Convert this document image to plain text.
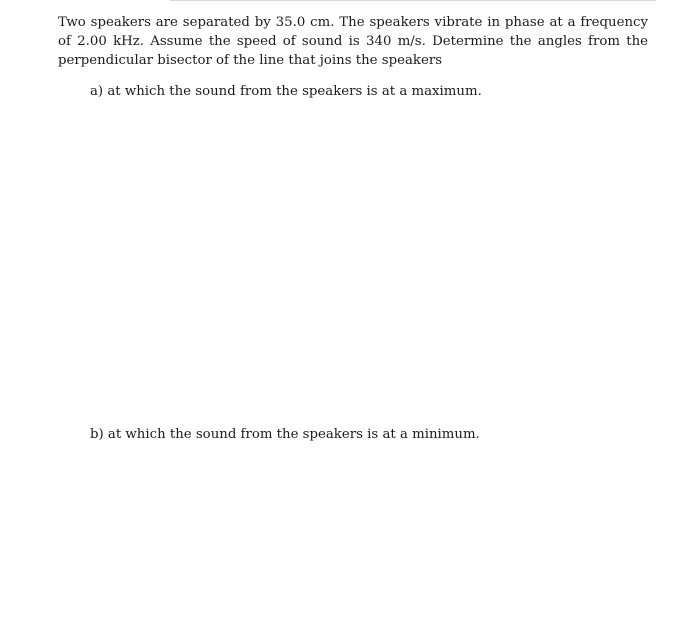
Two speakers are separated by 35.0 cm. The speakers vibrate in phase at a frequency of 2.00 kHz. Assume the speed of sound is 340 m/s. Determine the angles from the perpendicular bisector of the line that joins the speakers
a) at which the sound from the speakers is at a maximum.
b) at which the sound from the speakers is at a minimum.
